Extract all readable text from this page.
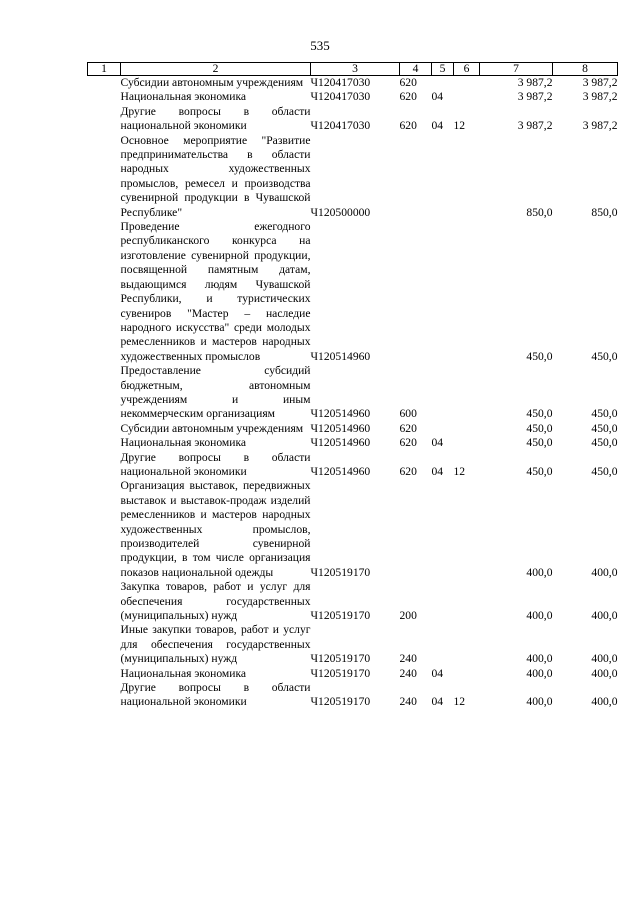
535
1	2	3	4	5	6	7	8
	Субсидии автономным учреждениям	Ч120417030	620			3 987,2	3 987,2
	Национальная экономика	Ч120417030	620	04		3 987,2	3 987,2
	Другие вопросы в области национальной экономики	Ч120417030	620	04	12	3 987,2	3 987,2
	Основное мероприятие "Развитие предпринимательства в области народных художественных промыслов, ремесел и производства сувенирной продукции в Чувашской Республике"	Ч120500000				850,0	850,0
	Проведение ежегодного республиканского конкурса на изготовление сувенирной продукции, посвященной памятным датам, выдающимся людям Чувашской Республики, и туристических сувениров "Мастер – наследие народного искусства" среди молодых ремесленников и мастеров народных художественных промыслов	Ч120514960				450,0	450,0
	Предоставление субсидий бюджетным, автономным учреждениям и иным некоммерческим организациям	Ч120514960	600			450,0	450,0
	Субсидии автономным учреждениям	Ч120514960	620			450,0	450,0
	Национальная экономика	Ч120514960	620	04		450,0	450,0
	Другие вопросы в области национальной экономики	Ч120514960	620	04	12	450,0	450,0
	Организация выставок, передвижных выставок и выставок-продаж изделий ремесленников и мастеров народных художественных промыслов, производителей сувенирной продукции, в том числе организация показов национальной одежды	Ч120519170				400,0	400,0
	Закупка товаров, работ и услуг для обеспечения государственных (муниципальных) нужд	Ч120519170	200			400,0	400,0
	Иные закупки товаров, работ и услуг для обеспечения государственных (муниципальных) нужд	Ч120519170	240			400,0	400,0
	Национальная экономика	Ч120519170	240	04		400,0	400,0
	Другие вопросы в области национальной экономики	Ч120519170	240	04	12	400,0	400,0
